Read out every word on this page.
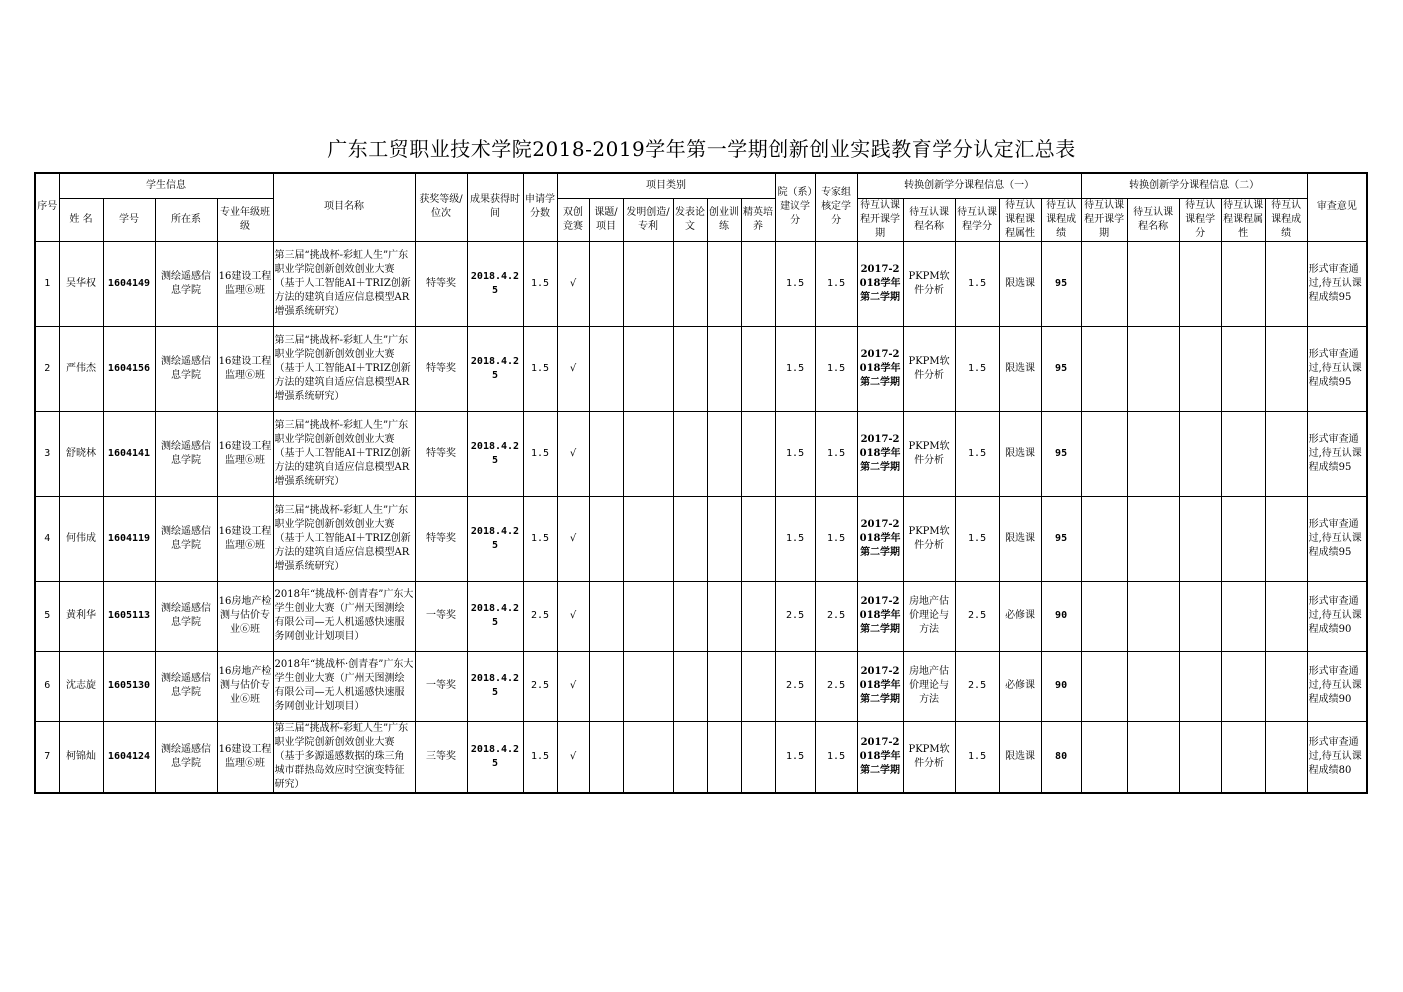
广东工贸职业技术学院2018-2019学年第一学期创新创业实践教育学分认定汇总表
序号	学生信息				项目名称	获奖等级/位次	成果获得时间	申请学分数	项目类别						院（系）建议学分	专家组核定学分	转换创新学分课程信息（一）					转换创新学分课程信息（二）					审查意见
	姓 名	学号	所在系	专业年级班级					双创竞赛	课题/项目	发明创造/专利	发表论文	创业训练	精英培养			待互认课程开课学期	待互认课程名称	待互认课程学分	待互认课程课程属性	待互认课程成绩	待互认课程开课学期	待互认课程名称	待互认课程学分	待互认课程课程属性	待互认课程成绩	
1	吴华权	1604149	测绘遥感信息学院	16建设工程监理⑥班	第三届“挑战杯-彩虹人生”广东职业学院创新创效创业大赛（基于人工智能AI＋TRIZ创新方法的建筑自适应信息模型AR增强系统研究）	特等奖	2018.4.25	1.5	√						1.5	1.5	2017-2018学年第二学期	PKPM软件分析	1.5	限选课	95						形式审查通过,待互认课程成绩95
2	严伟杰	1604156	测绘遥感信息学院	16建设工程监理⑥班	第三届“挑战杯-彩虹人生”广东职业学院创新创效创业大赛（基于人工智能AI＋TRIZ创新方法的建筑自适应信息模型AR增强系统研究）	特等奖	2018.4.25	1.5	√						1.5	1.5	2017-2018学年第二学期	PKPM软件分析	1.5	限选课	95						形式审查通过,待互认课程成绩95
3	舒晓林	1604141	测绘遥感信息学院	16建设工程监理⑥班	第三届“挑战杯-彩虹人生”广东职业学院创新创效创业大赛（基于人工智能AI＋TRIZ创新方法的建筑自适应信息模型AR增强系统研究）	特等奖	2018.4.25	1.5	√						1.5	1.5	2017-2018学年第二学期	PKPM软件分析	1.5	限选课	95						形式审查通过,待互认课程成绩95
4	何伟成	1604119	测绘遥感信息学院	16建设工程监理⑥班	第三届“挑战杯-彩虹人生”广东职业学院创新创效创业大赛（基于人工智能AI＋TRIZ创新方法的建筑自适应信息模型AR增强系统研究）	特等奖	2018.4.25	1.5	√						1.5	1.5	2017-2018学年第二学期	PKPM软件分析	1.5	限选课	95						形式审查通过,待互认课程成绩95
5	黄利华	1605113	测绘遥感信息学院	16房地产检测与估价专业⑥班	2018年“挑战杯·创青春”广东大学生创业大赛（广州天图测绘有限公司—无人机遥感快速服务网创业计划项目）	一等奖	2018.4.25	2.5	√						2.5	2.5	2017-2018学年第二学期	房地产估价理论与方法	2.5	必修课	90						形式审查通过,待互认课程成绩90
6	沈志旋	1605130	测绘遥感信息学院	16房地产检测与估价专业⑥班	2018年“挑战杯·创青春”广东大学生创业大赛（广州天图测绘有限公司—无人机遥感快速服务网创业计划项目）	一等奖	2018.4.25	2.5	√						2.5	2.5	2017-2018学年第二学期	房地产估价理论与方法	2.5	必修课	90						形式审查通过,待互认课程成绩90
7	柯锦灿	1604124	测绘遥感信息学院	16建设工程监理⑥班	第三届“挑战杯-彩虹人生”广东职业学院创新创效创业大赛（基于多源遥感数据的珠三角城市群热岛效应时空演变特征研究）	三等奖	2018.4.25	1.5	√						1.5	1.5	2017-2018学年第二学期	PKPM软件分析	1.5	限选课	80						形式审查通过,待互认课程成绩80
